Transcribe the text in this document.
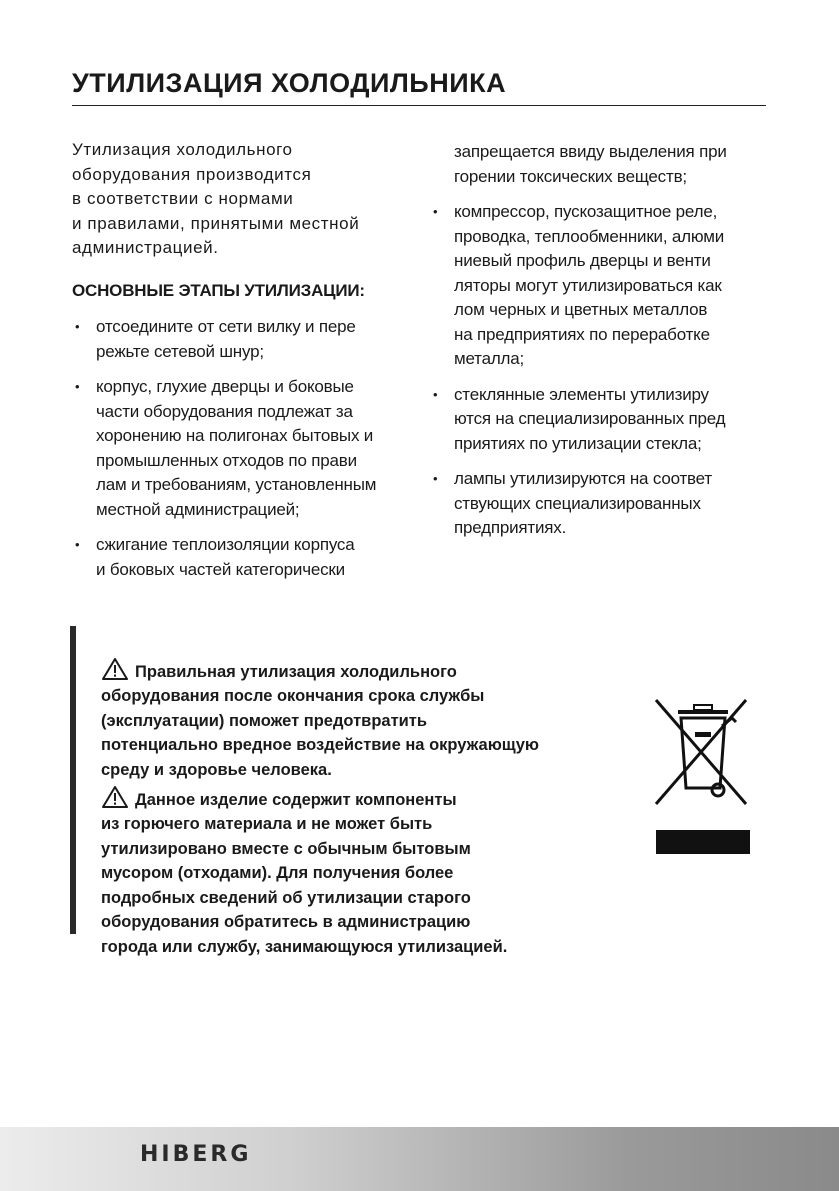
УТИЛИЗАЦИЯ ХОЛОДИЛЬНИКА

Утилизация холодильного
оборудования производится
в соответствии с нормами
и правилами, принятыми местной
администрацией.

ОСНОВНЫЕ ЭТАПЫ УТИЛИЗАЦИИ:

• отсоедините от сети вилку и пере
режьте сетевой шнур;
• корпус, глухие дверцы и боковые
части оборудования подлежат за
хоронению на полигонах бытовых и
промышленных отходов по прави
лам и требованиям, установленным
местной администрацией;
• сжигание теплоизоляции корпуса
и боковых частей категорически
запрещается ввиду выделения при
горении токсических веществ;
• компрессор, пускозащитное реле,
проводка, теплообменники, алюми
ниевый профиль дверцы и венти
ляторы могут утилизироваться как
лом черных и цветных металлов
на предприятиях по переработке
металла;
• стеклянные элементы утилизиру
ются на специализированных пред
приятиях по утилизации стекла;
• лампы утилизируются на соответ
ствующих специализированных
предприятиях.

Правильная утилизация холодильного
оборудования после окончания срока службы
(эксплуатации) поможет предотвратить
потенциально вредное воздействие на окружающую
среду и здоровье человека.

Данное изделие содержит компоненты
из горючего материала и не может быть
утилизировано вместе с обычным бытовым
мусором (отходами). Для получения более
подробных сведений об утилизации старого
оборудования обратитесь в администрацию
города или службу, занимающуюся утилизацией.

HIBERG
